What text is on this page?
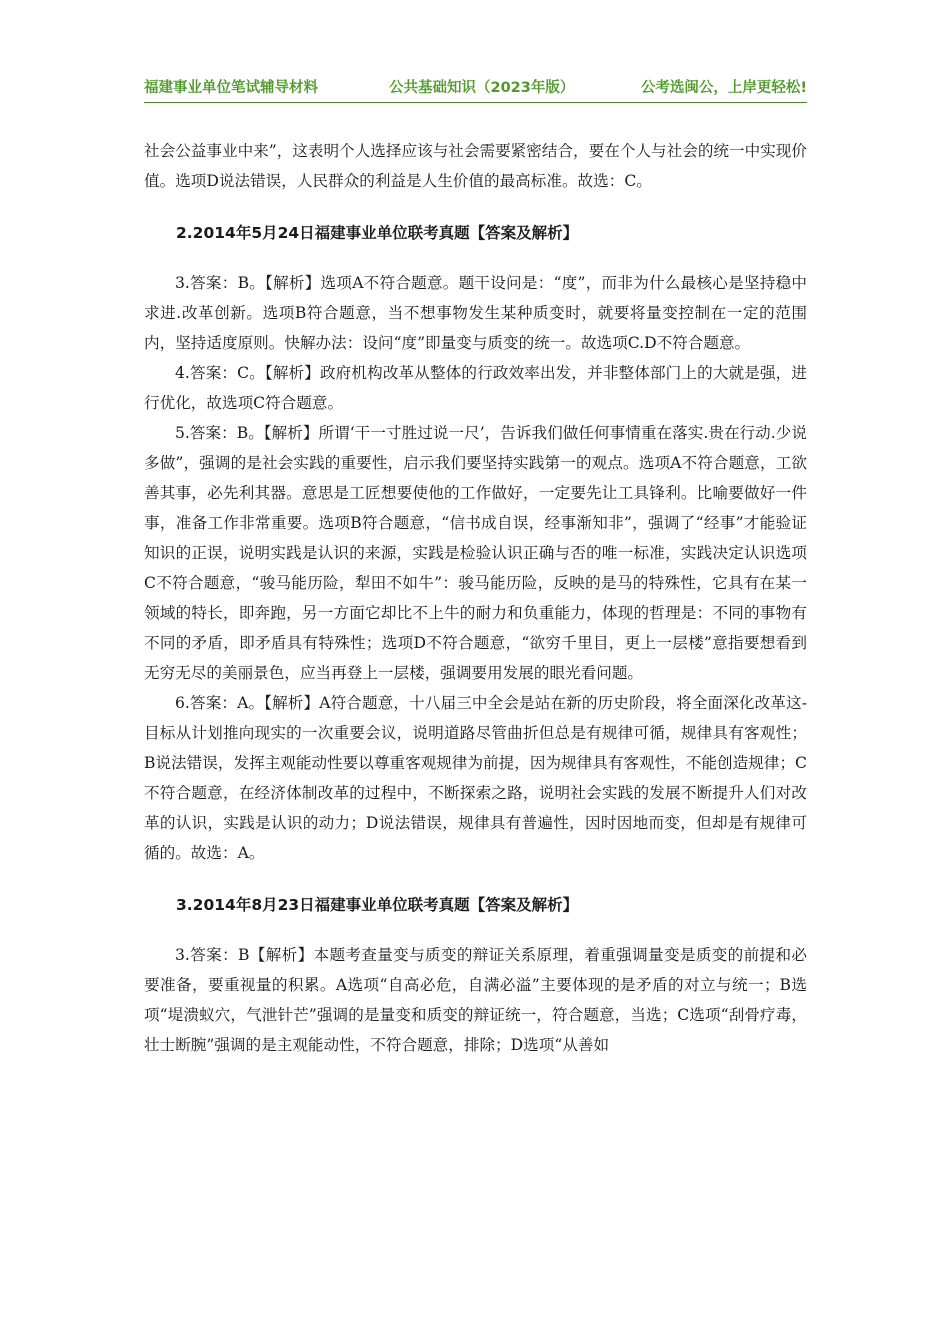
福建事业单位笔试辅导材料	公共基础知识（2023年版）	公考选闽公，上岸更轻松!

社会公益事业中来”，这表明个人选择应该与社会需要紧密结合，要在个人与社会的统一中实现价值。选项D说法错误，人民群众的利益是人生价值的最高标准。故选：C。

2.2014年5月24日福建事业单位联考真题【答案及解析】

3.答案：B。【解析】选项A不符合题意。题干设问是：“度”，而非为什么最核心是坚持稳中求进.改革创新。选项B符合题意，当不想事物发生某种质变时，就要将量变控制在一定的范围内，坚持适度原则。快解办法：设问“度”即量变与质变的统一。故选项C.D不符合题意。

4.答案：C。【解析】政府机构改革从整体的行政效率出发，并非整体部门上的大就是强，进行优化，故选项C符合题意。

5.答案：B。【解析】所谓‘干一寸胜过说一尺’，告诉我们做任何事情重在落实.贵在行动.少说多做”，强调的是社会实践的重要性，启示我们要坚持实践第一的观点。选项A不符合题意，工欲善其事，必先利其器。意思是工匠想要使他的工作做好，一定要先让工具锋利。比喻要做好一件事，准备工作非常重要。选项B符合题意，“信书成自误，经事渐知非”，强调了“经事”才能验证知识的正误，说明实践是认识的来源，实践是检验认识正确与否的唯一标准，实践决定认识选项C不符合题意，“骏马能历险，犁田不如牛”：骏马能历险，反映的是马的特殊性，它具有在某一领域的特长，即奔跑，另一方面它却比不上牛的耐力和负重能力，体现的哲理是：不同的事物有不同的矛盾，即矛盾具有特殊性；选项D不符合题意，“欲穷千里目，更上一层楼”意指要想看到无穷无尽的美丽景色，应当再登上一层楼，强调要用发展的眼光看问题。

6.答案：A。【解析】A符合题意，十八届三中全会是站在新的历史阶段，将全面深化改革这-目标从计划推向现实的一次重要会议，说明道路尽管曲折但总是有规律可循，规律具有客观性；B说法错误，发挥主观能动性要以尊重客观规律为前提，因为规律具有客观性，不能创造规律；C不符合题意，在经济体制改革的过程中，不断探索之路，说明社会实践的发展不断提升人们对改革的认识，实践是认识的动力；D说法错误，规律具有普遍性，因时因地而变，但却是有规律可循的。故选：A。

3.2014年8月23日福建事业单位联考真题【答案及解析】

3.答案：B【解析】本题考查量变与质变的辩证关系原理，着重强调量变是质变的前提和必要准备，要重视量的积累。A选项“自高必危，自满必溢”主要体现的是矛盾的对立与统一；B选项“堤溃蚁穴，气泄针芒”强调的是量变和质变的辩证统一，符合题意，当选；C选项“刮骨疗毒，壮士断腕”强调的是主观能动性，不符合题意，排除；D选项“从善如
